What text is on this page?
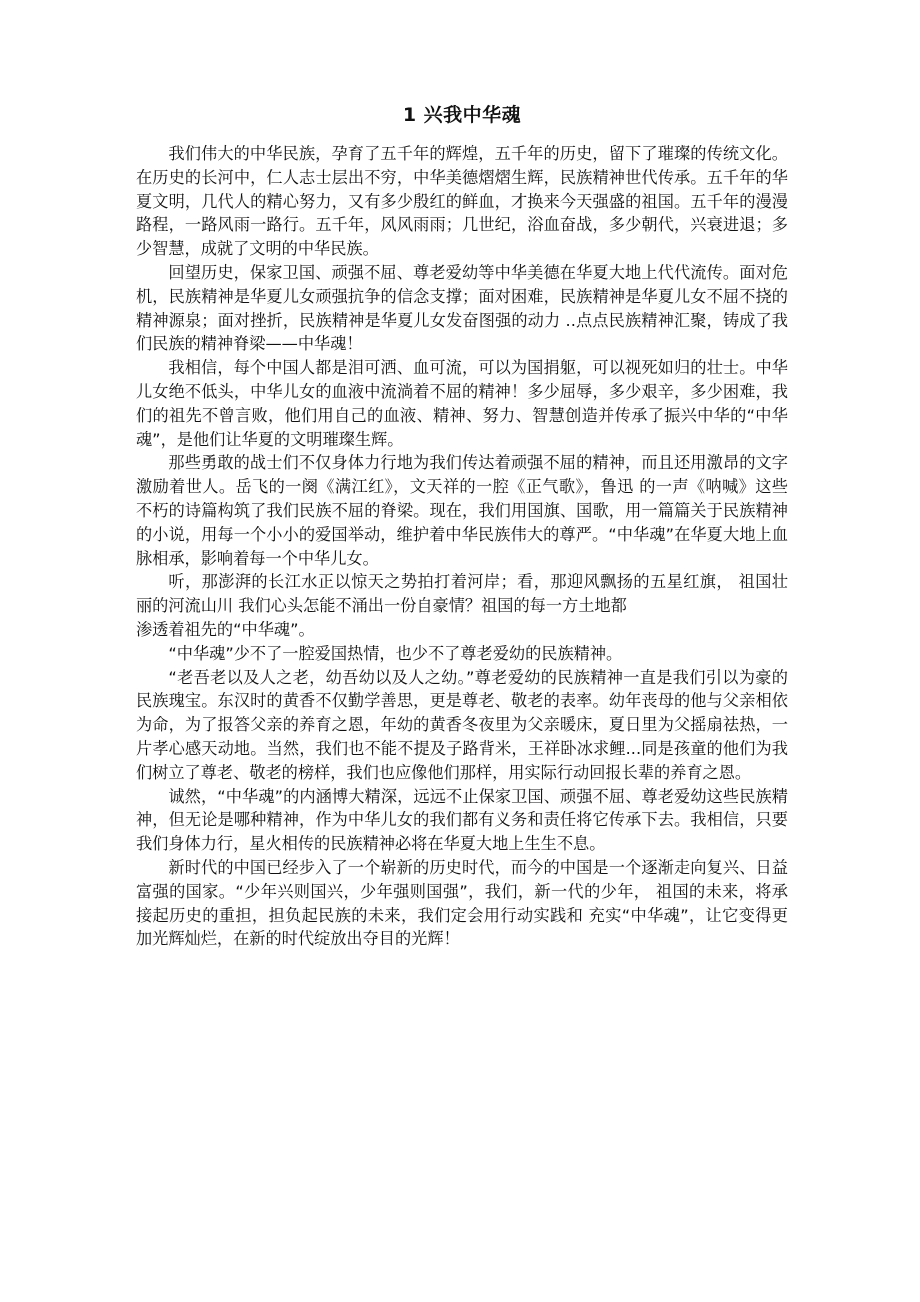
1 兴我中华魂

我们伟大的中华民族，孕育了五千年的辉煌，五千年的历史，留下了璀璨的传统文化。在历史的长河中，仁人志士层出不穷，中华美德熠熠生辉，民族精神世代传承。五千年的华夏文明，几代人的精心努力，又有多少殷红的鲜血，才换来今天强盛的祖国。五千年的漫漫路程，一路风雨一路行。五千年，风风雨雨；几世纪，浴血奋战，多少朝代，兴衰进退；多少智慧，成就了文明的中华民族。

回望历史，保家卫国、顽强不屈、尊老爱幼等中华美德在华夏大地上代代流传。面对危机，民族精神是华夏儿女顽强抗争的信念支撑；面对困难，民族精神是华夏儿女不屈不挠的精神源泉；面对挫折，民族精神是华夏儿女发奋图强的动力 ..点点民族精神汇聚，铸成了我们民族的精神脊梁——中华魂！

我相信，每个中国人都是泪可洒、血可流，可以为国捐躯，可以视死如归的壮士。中华儿女绝不低头，中华儿女的血液中流淌着不屈的精神！多少屈辱，多少艰辛，多少困难，我们的祖先不曾言败，他们用自己的血液、精神、努力、智慧创造并传承了振兴中华的“中华魂”，是他们让华夏的文明璀璨生辉。

那些勇敢的战士们不仅身体力行地为我们传达着顽强不屈的精神，而且还用激昂的文字激励着世人。岳飞的一阕《满江红》，文天祥的一腔《正气歌》，鲁迅 的一声《呐喊》这些不朽的诗篇构筑了我们民族不屈的脊梁。现在，我们用国旗、国歌，用一篇篇关于民族精神的小说，用每一个小小的爱国举动，维护着中华民族伟大的尊严。“中华魂”在华夏大地上血脉相承，影响着每一个中华儿女。

听，那澎湃的长江水正以惊天之势拍打着河岸；看，那迎风飘扬的五星红旗， 祖国壮丽的河流山川 我们心头怎能不涌出一份自豪情？祖国的每一方土地都

渗透着祖先的“中华魂”。

“中华魂”少不了一腔爱国热情，也少不了尊老爱幼的民族精神。

“老吾老以及人之老，幼吾幼以及人之幼。”尊老爱幼的民族精神一直是我们引以为豪的民族瑰宝。东汉时的黄香不仅勤学善思，更是尊老、敬老的表率。幼年丧母的他与父亲相依为命，为了报答父亲的养育之恩，年幼的黄香冬夜里为父亲暖床，夏日里为父摇扇祛热，一片孝心感天动地。当然，我们也不能不提及子路背米，王祥卧冰求鲤...同是孩童的他们为我们树立了尊老、敬老的榜样，我们也应像他们那样，用实际行动回报长辈的养育之恩。

诚然，“中华魂”的内涵博大精深，远远不止保家卫国、顽强不屈、尊老爱幼这些民族精神，但无论是哪种精神，作为中华儿女的我们都有义务和责任将它传承下去。我相信，只要我们身体力行，星火相传的民族精神必将在华夏大地上生生不息。

新时代的中国已经步入了一个崭新的历史时代，而今的中国是一个逐渐走向复兴、日益富强的国家。“少年兴则国兴，少年强则国强”，我们，新一代的少年， 祖国的未来，将承接起历史的重担，担负起民族的未来，我们定会用行动实践和 充实“中华魂”，让它变得更加光辉灿烂，在新的时代绽放出夺目的光辉！
